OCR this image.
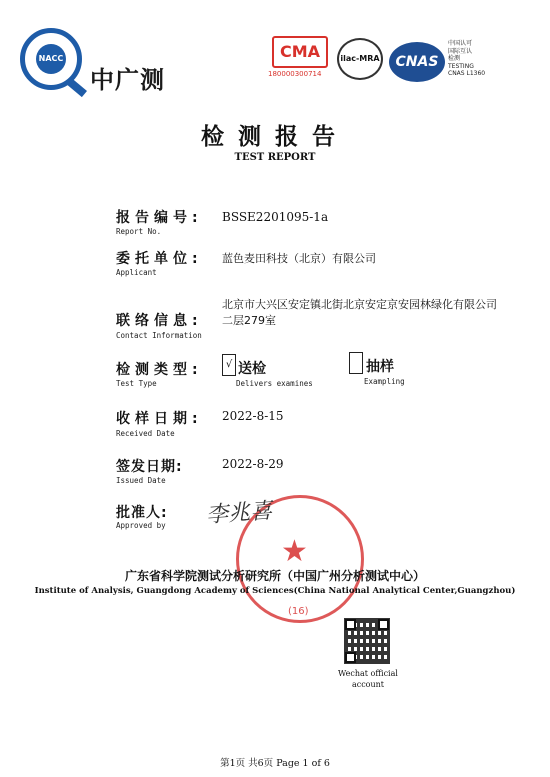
NACC
中广测
CMA
180000300714
ilac-MRA	CNAS
中国认可
国际互认
检测
TESTING
CNAS L1360
检测报告
TEST REPORT
报告编号:
Report No.
BSSE2201095-1a
委托单位:
Applicant
蓝色麦田科技（北京）有限公司
联络信息:
Contact Information
北京市大兴区安定镇北街北京安定京安园林绿化有限公司
二层279室
检测类型:
Test Type
√ 送检
Delivers examines
抽样
Exampling
收样日期:
Received Date
2022-8-15
签发日期:
Issued Date
2022-8-29
批准人:
Approved by
★
(16)
李兆喜
广东省科学院测试分析研究所（中国广州分析测试中心）
Institute of Analysis, Guangdong Academy of Sciences(China National Analytical Center,Guangzhou)
Wechat official
account
第1页 共6页 Page 1 of 6
